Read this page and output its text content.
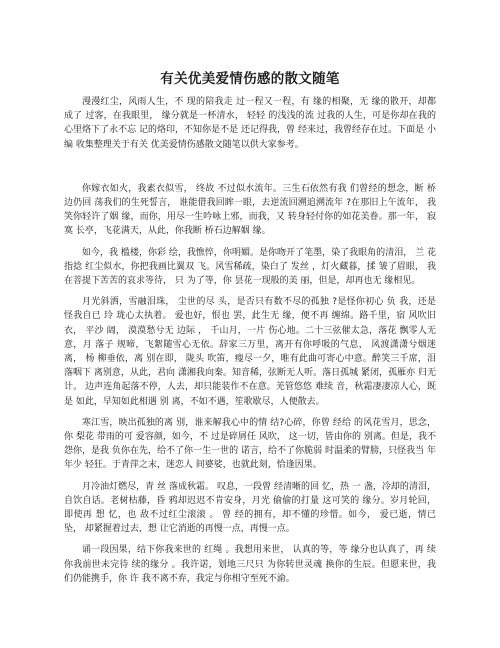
有关优美爱情伤感的散文随笔

漫漫红尘，风雨人生，不 现的陪我走 过一程又一程，有 缘的相聚，无 缘的散开，却都 成了 过客，在我眼里， 缘分就是一杯清水， 轻轻 的浅浅的流 过我的人生，可是你却在我的 心里烙下了永不忘 记的烙印，不知你是不是 还记得我，曾 经来过，我曾经存在过。下面是 小编 收集整理关于有关 优美爱情伤感散文随笔以供大家参考。

你嫁衣如火，我素衣似雪， 终故 不过似水流年。三生石依然有我 们曾经的想念，断 桥 边仍回 荡我们的生死誓言， 谁能借我回眸一眼，去逆流回溯追溯流年 ?在那旧上午流年， 我笑你轻许了姻 缘，而你，用尽一生吟咏上邪，而我，又 转身轻付你的如花美眷。那一年， 寂寞 长亭，飞花满天，从此，你我断 桥石边解姻 缘。

如今，我 槛楼，你彩 绘，我憔悴，你明媚。是你吻开了笔墨，染了我眼角的清泪， 兰 花指捻 红尘似水，你把我画比翼双 飞。风雪稀疏，染白了 发丝 ，灯火藏暮，揉 皱了眉眼， 我在菩提下苦苦的哀求等待， 只 为了等，你 昙花一现般的美 丽，但是，却再也无 缘相见。

月光斜洒，雪融泪珠， 尘世的尽 头，是否只有数不尽的孤独 ?是怪你初心 负 我，还是 怪我自已 玲 珑心太执着。 爱也好，恨也 罢，此生无 缘，便不再 缠绵。路千里，宿 风吹旧衣， 平沙 阔， 漠漠愁兮无 边际 ， 千山月，一片 伤心地。二十三弦催太急，落花 飘零人无意，月 落子 规啼，飞絮随雪心无依。辞家三万里，离开有你呼吸的气息， 风渡潇潇兮烟迷离， 杨 柳垂依，离 别在即， 陇头 吹笛，瘦尽一夕，唯有此曲可寄心中意。醉笑三千席，泪落咽下 离别意，从此，君向 潇湘我向秦。知音稀，弦断无人听。落日孤城 紧闭，孤雁亦 归无计。 边声连角起落不停，人去，却只能装作不在意。羌管悠悠 难续 音，秋霜凄凄凉人心，既是 如此，早知如此相遇 别 离，不如不遇，笙歌歇尽，人便散去。

寒江雪，映出孤独的离 别，谁来解我心中的情 结?心碎，你曾 经给 的风花雪月，思念，你 梨花 带雨的可 爱容颜，如今，不 过是碎屑任 风吹， 这一切，皆由你的 别离。但是，我不 怨你，是我 负你在先，给不了你一生一世的 诺言，给不了你脆弱 时温柔的臂膀，只怪我当 年年少 轻狂。于青萍之末，迷恋人 间婆娑，也就此刻，恰逢因果。

月冷油灯燃尽，青 丝 落成秋霜。 叹息，一段曾 经清晰的回 忆，热 一 盏，冷却的清泪，自饮自话。老树枯藤，昏 鸦却迟迟不肯安身，月光 偷偷的打量 这可笑的 缘分。岁月轮回， 即使再 想 忆，也 敌不过红尘滚滚 。 曾 经的拥有，却不懂的珍惜。如今， 爱已逝，情已 坠， 却紧握着过去，想 让它消逝的再慢一点，再慢一点。

诵一段因果，结下你我来世的 红绳 。我想用来世， 认真的等，等 缘分也认真了，再 续 你我前世未完待 续的缘分 。我许诺，划地三尺只 为你转世灵魂 换你的生辰。但愿来世，我 们仍能携手，你 许 我不离不弃，我定与你相守至死不渝。
